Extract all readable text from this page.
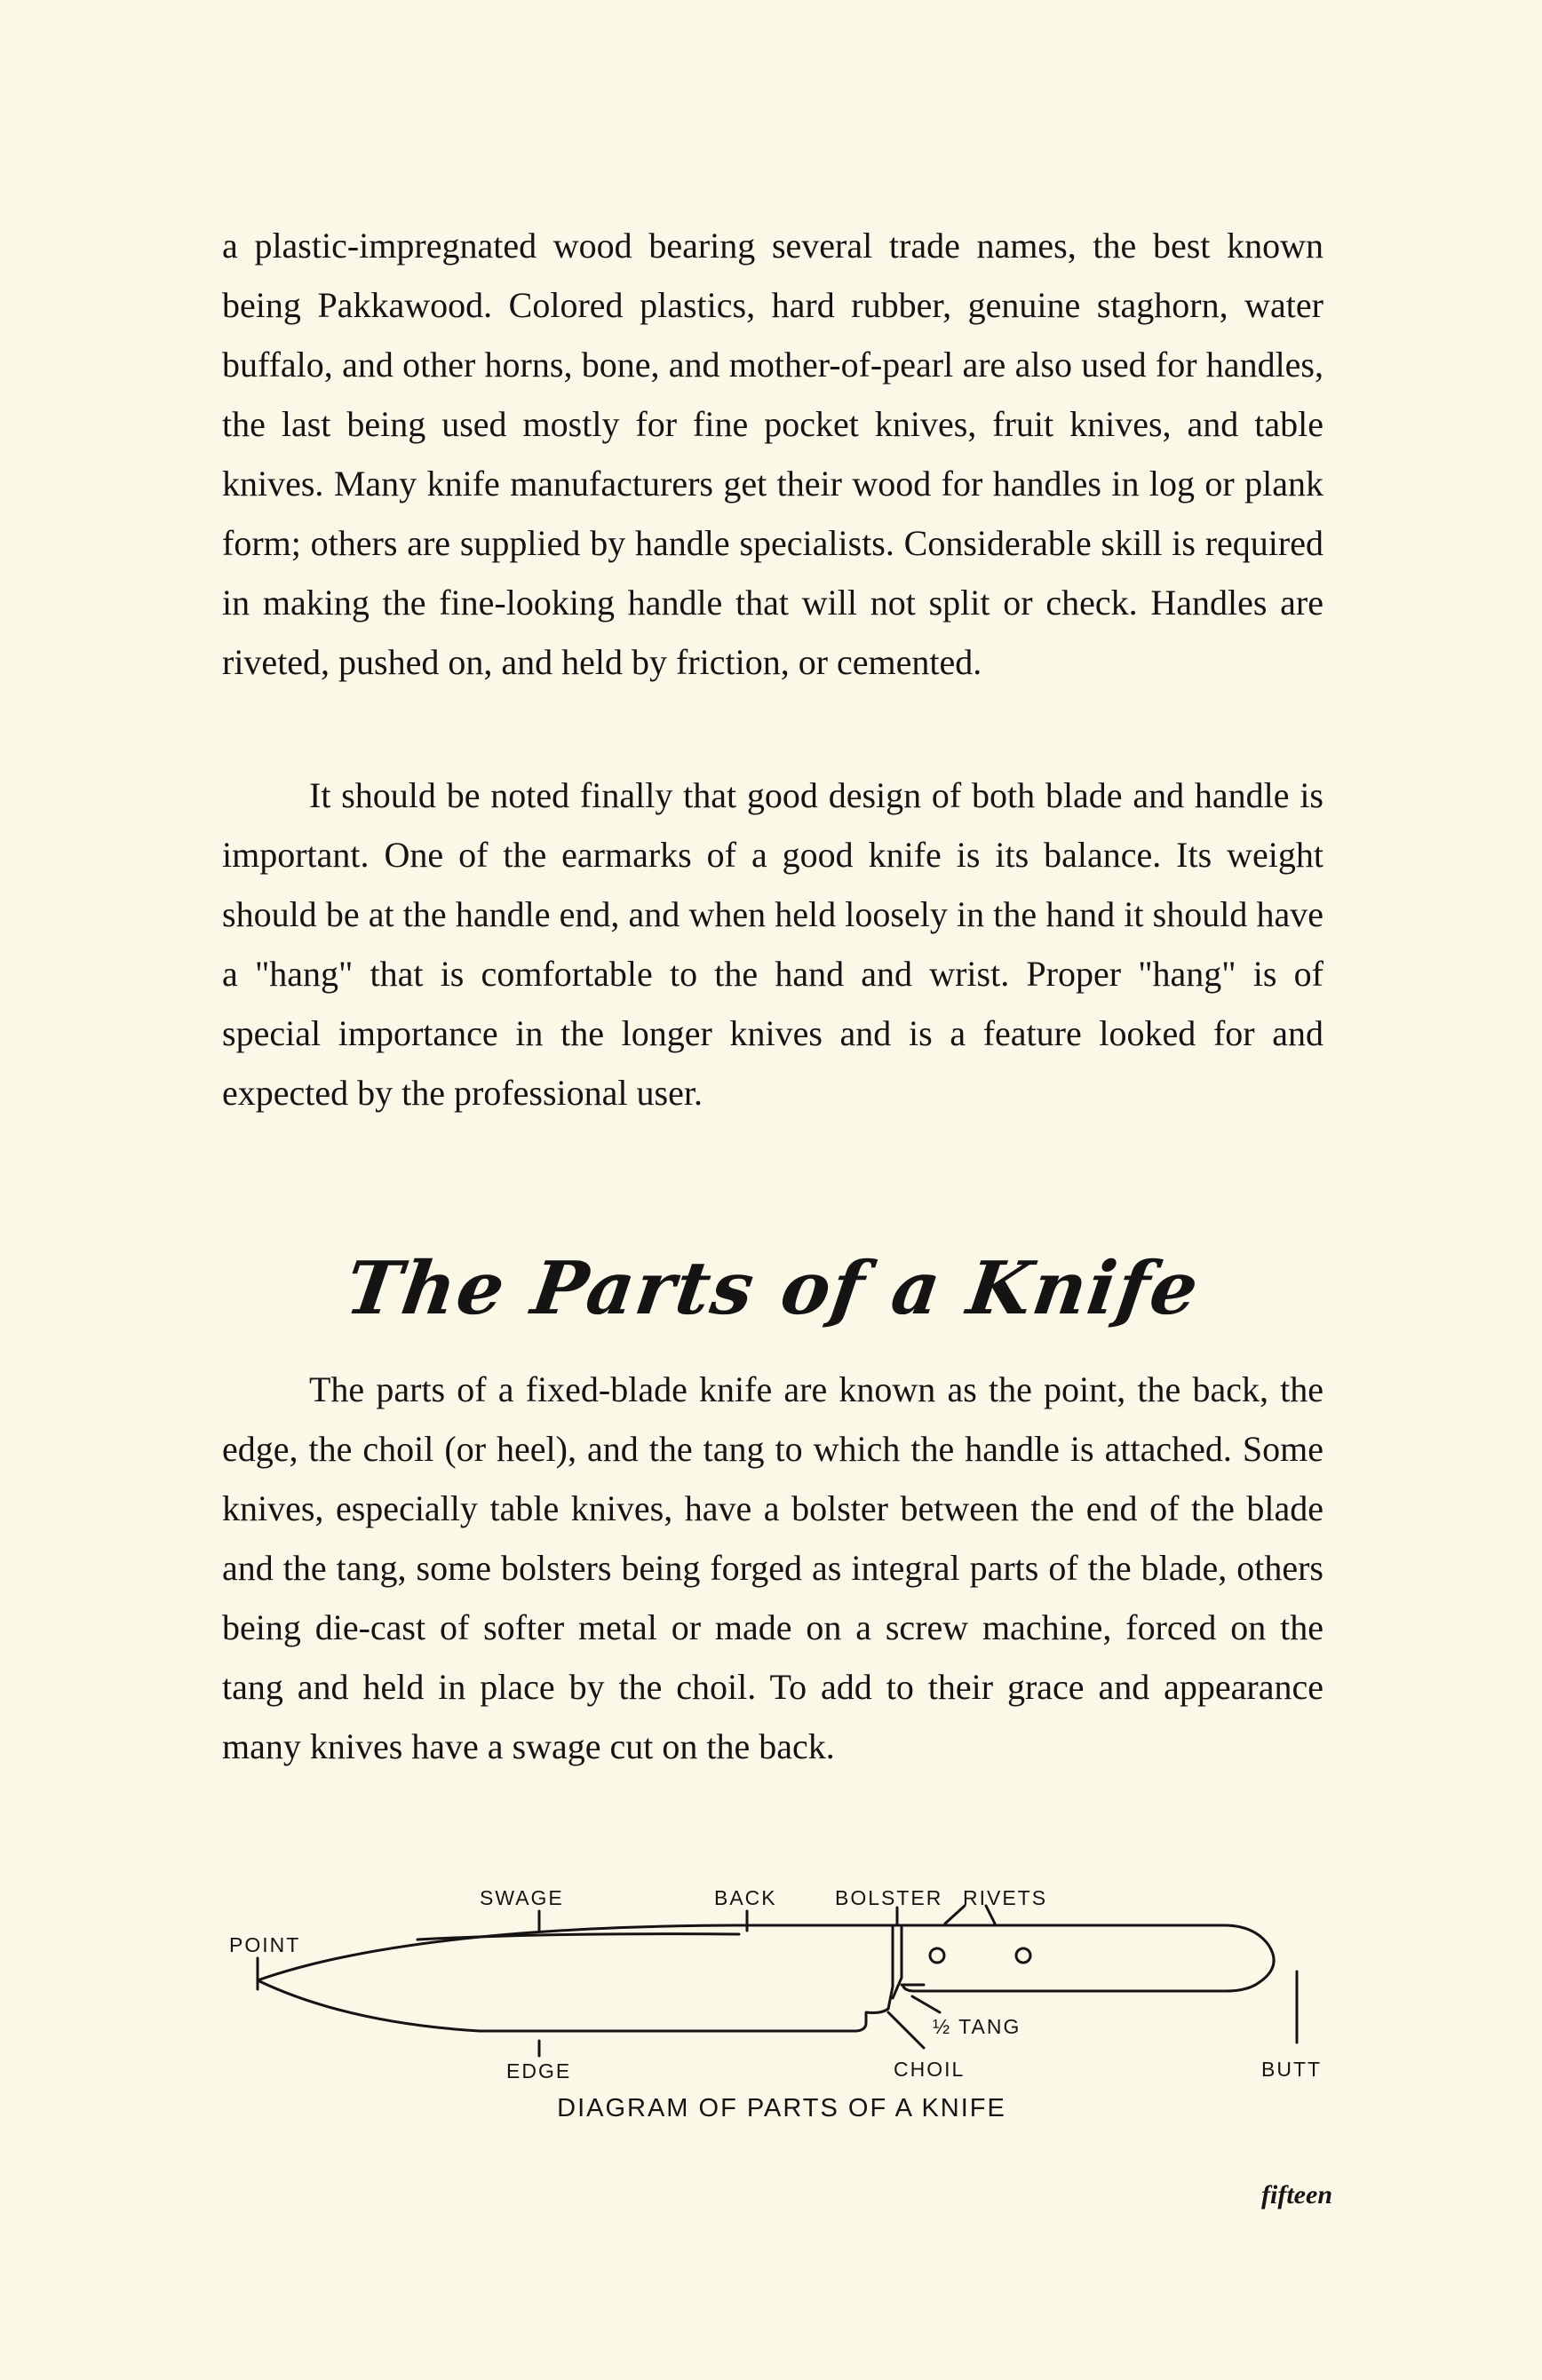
a plastic-impregnated wood bearing several trade names, the best known being Pakkawood. Colored plastics, hard rubber, genuine staghorn, water buffalo, and other horns, bone, and mother-of-pearl are also used for handles, the last being used mostly for fine pocket knives, fruit knives, and table knives. Many knife manufacturers get their wood for handles in log or plank form; others are supplied by handle specialists. Considerable skill is required in making the fine-looking handle that will not split or check. Handles are riveted, pushed on, and held by friction, or cemented.

It should be noted finally that good design of both blade and handle is important. One of the earmarks of a good knife is its balance. Its weight should be at the handle end, and when held loosely in the hand it should have a "hang" that is comfortable to the hand and wrist. Proper "hang" is of special importance in the longer knives and is a feature looked for and expected by the professional user.

The Parts of a Knife

The parts of a fixed-blade knife are known as the point, the back, the edge, the choil (or heel), and the tang to which the handle is attached. Some knives, especially table knives, have a bolster between the end of the blade and the tang, some bolsters being forged as integral parts of the blade, others being die-cast of softer metal or made on a screw machine, forced on the tang and held in place by the choil. To add to their grace and appearance many knives have a swage cut on the back.

POINT
SWAGE	BACK	BOLSTER RIVETS
½ TANG
EDGE	CHOIL	BUTT
DIAGRAM OF PARTS OF A KNIFE
fifteen
